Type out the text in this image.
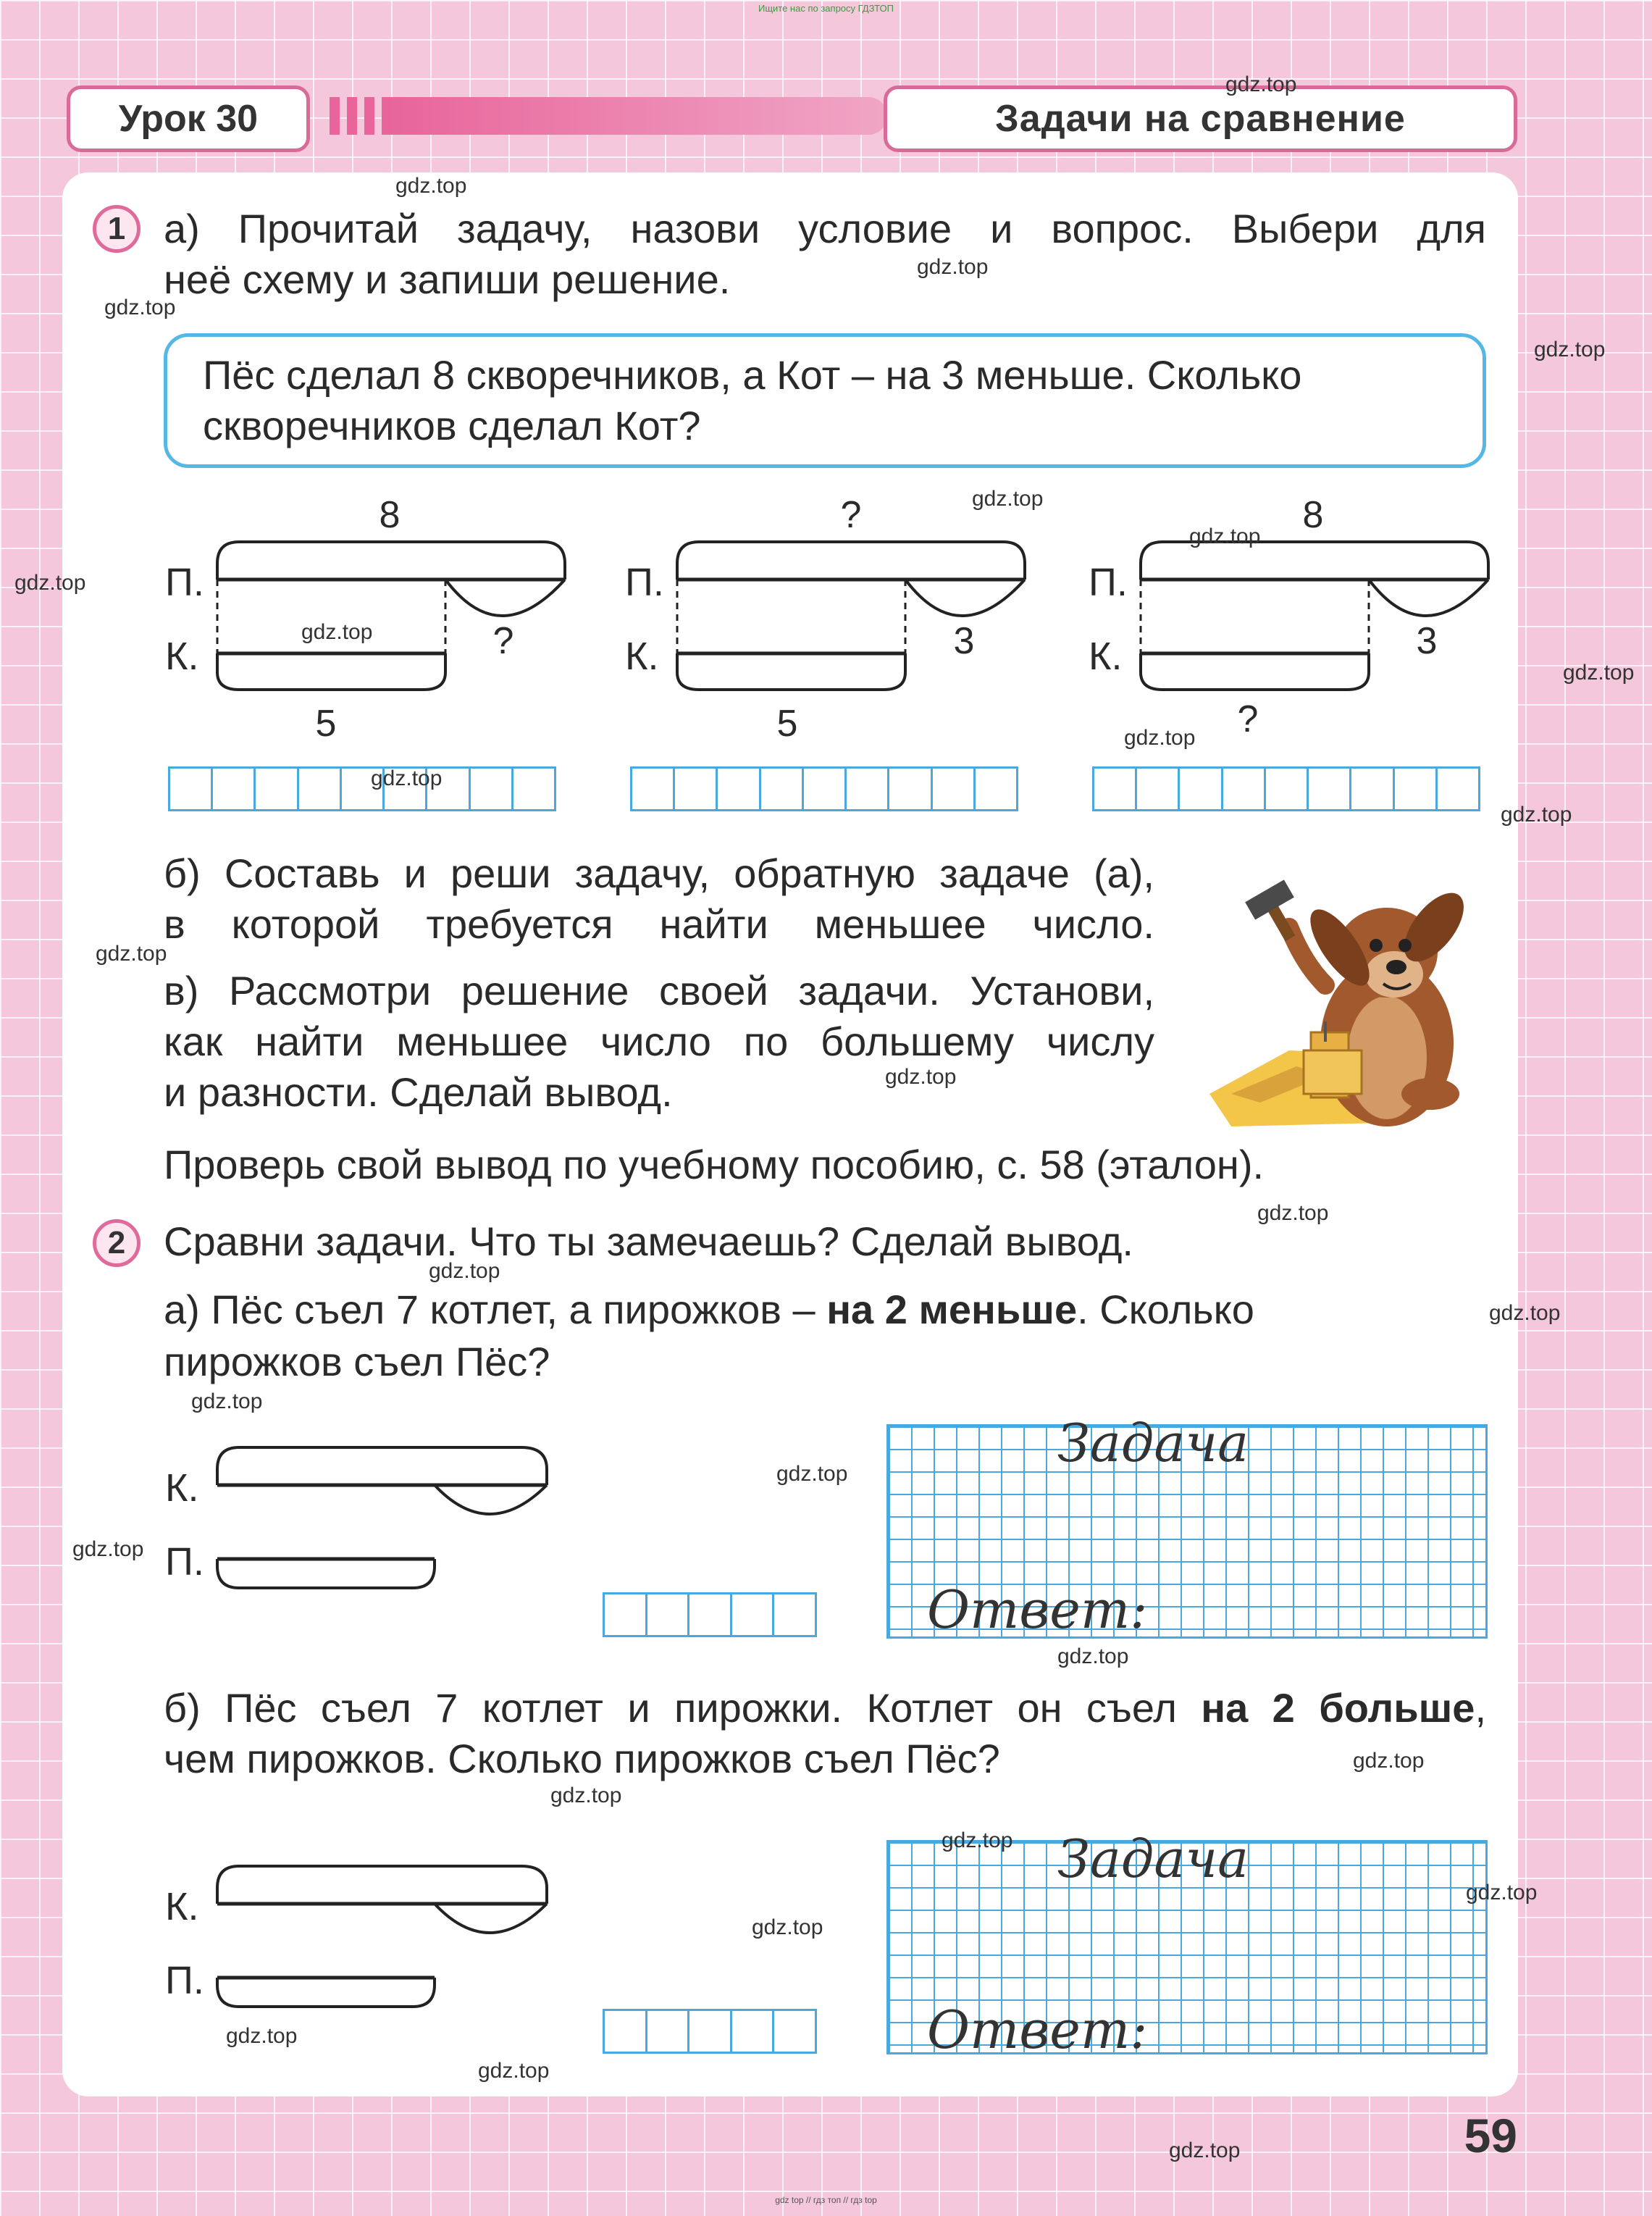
Ищите нас по запросу ГДЗТОП
Урок 30	Задачи на сравнение
1 а) Прочитай задачу, назови условие и вопрос. Выбери для
неё схему и запиши решение.
Пёс сделал 8 скворечников, а Кот – на 3 меньше. Сколько
скворечников сделал Кот?
8
П.
К.	?
5
?
П.
К.	3
5
8
П.
К.	3
?
б) Составь и реши задачу, обратную задаче (а),
в которой требуется найти меньшее число.
в) Рассмотри решение своей задачи. Установи,
как найти меньшее число по большему числу
и разности. Сделай вывод.
Проверь свой вывод по учебному пособию, с. 58 (эталон).
2 Сравни задачи. Что ты замечаешь? Сделай вывод.
а) Пёс съел 7 котлет, а пирожков – на 2 меньше. Сколько
пирожков съел Пёс?
К.
П.
Задача
Ответ:
б) Пёс съел 7 котлет и пирожки. Котлет он съел на 2 больше,
чем пирожков. Сколько пирожков съел Пёс?
К.
П.
Задача
Ответ:
59
gdz.top
gdz.top
gdz.top
gdz.top
gdz.top
gdz.top
gdz.top
gdz.top
gdz.top
gdz.top
gdz.top
gdz.top
gdz.top
gdz.top
gdz.top
gdz.top
gdz.top
gdz.top
gdz.top
gdz.top
gdz.top
gdz.top
gdz.top
gdz.top
gdz.top
gdz.top
gdz.top
gdz.top
gdz.top
gdz.top
gdz top // гдз топ // гдз top
